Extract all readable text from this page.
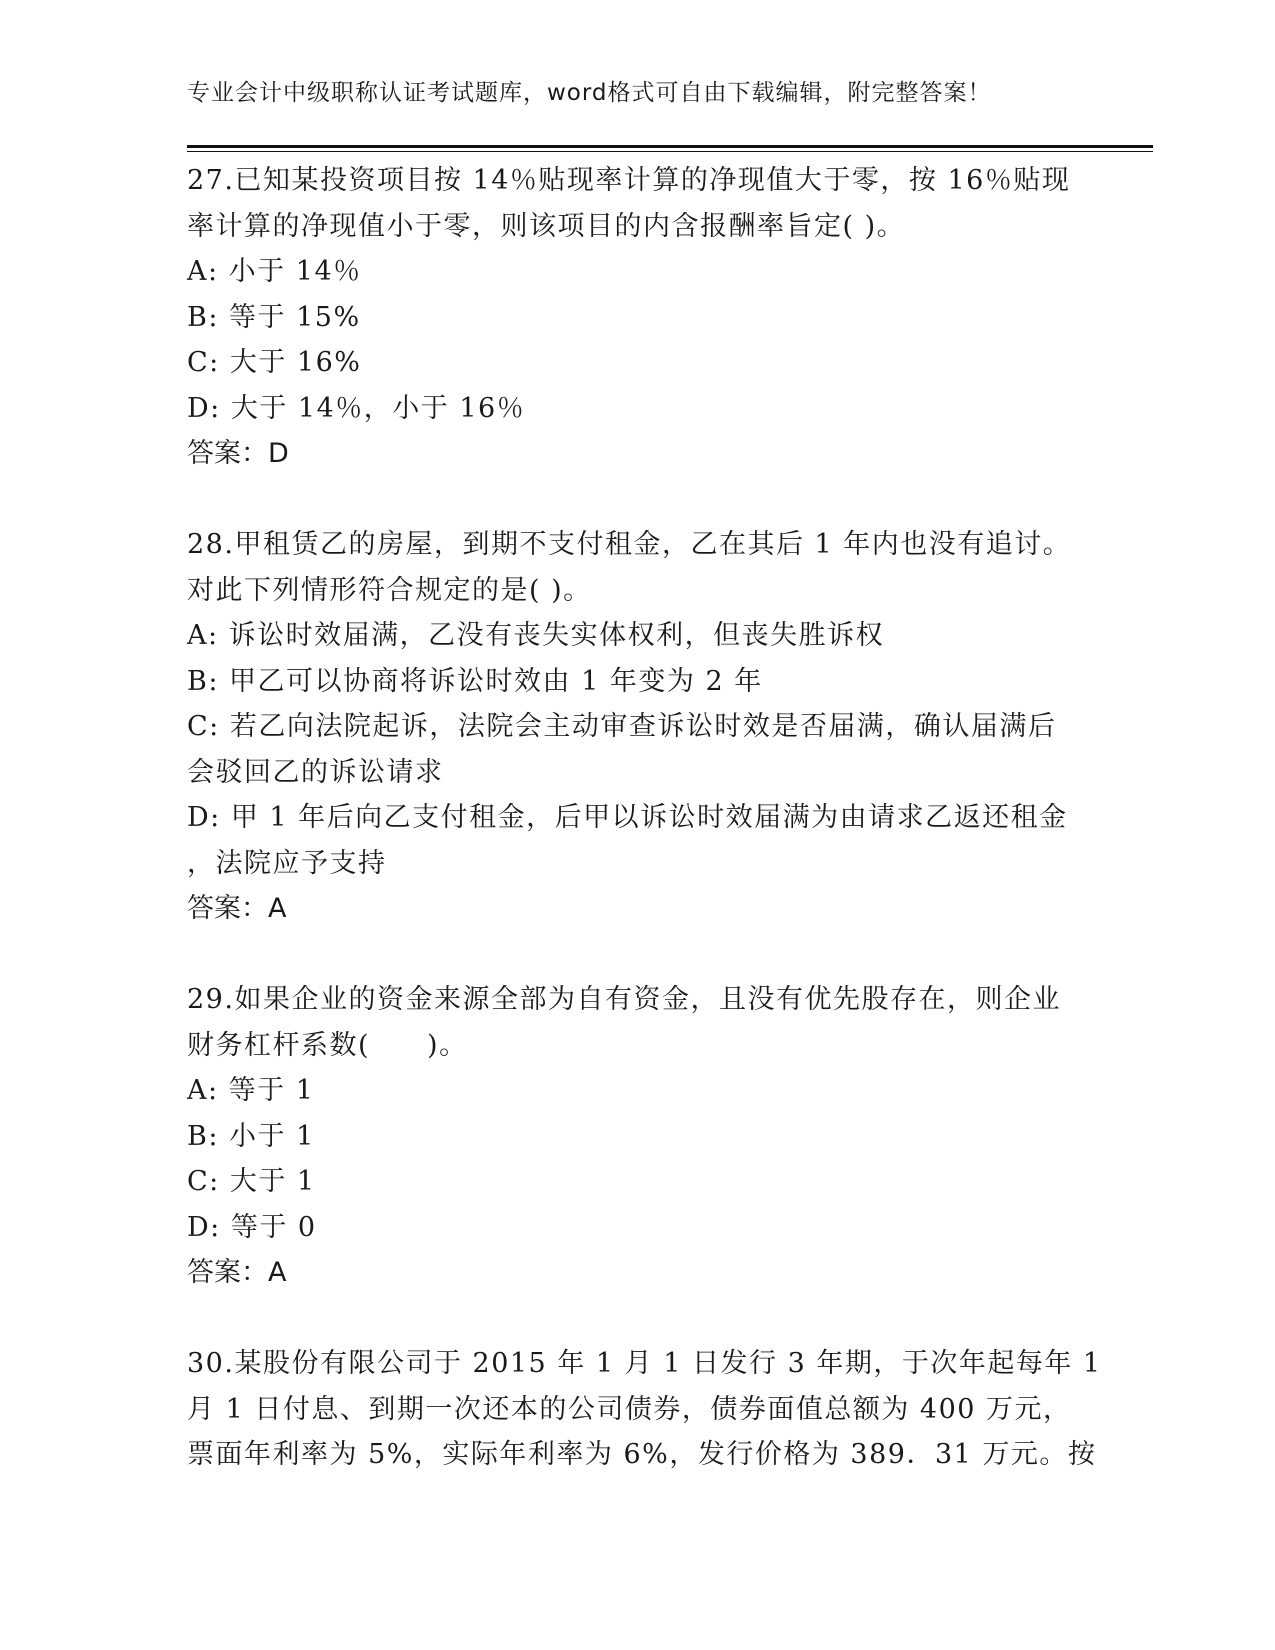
专业会计中级职称认证考试题库，word格式可自由下载编辑，附完整答案！
27.已知某投资项目按 14％贴现率计算的净现值大于零，按 16％贴现
率计算的净现值小于零，则该项目的内含报酬率旨定( )。
A: 小于 14％
B: 等于 15%
C: 大于 16%
D: 大于 14％，小于 16％
答案：D
28.甲租赁乙的房屋，到期不支付租金，乙在其后 1 年内也没有追讨。
对此下列情形符合规定的是( )。
A: 诉讼时效届满，乙没有丧失实体权利，但丧失胜诉权
B: 甲乙可以协商将诉讼时效由 1 年变为 2 年
C: 若乙向法院起诉，法院会主动审查诉讼时效是否届满，确认届满后
会驳回乙的诉讼请求
D: 甲 1 年后向乙支付租金，后甲以诉讼时效届满为由请求乙返还租金
，法院应予支持
答案：A
29.如果企业的资金来源全部为自有资金，且没有优先股存在，则企业
财务杠杆系数(　　)。
A: 等于 1
B: 小于 1
C: 大于 1
D: 等于 0
答案：A
30.某股份有限公司于 2015 年 1 月 1 日发行 3 年期，于次年起每年 1
月 1 日付息、到期一次还本的公司债券，债券面值总额为 400 万元，
票面年利率为 5%，实际年利率为 6%，发行价格为 389．31 万元。按
